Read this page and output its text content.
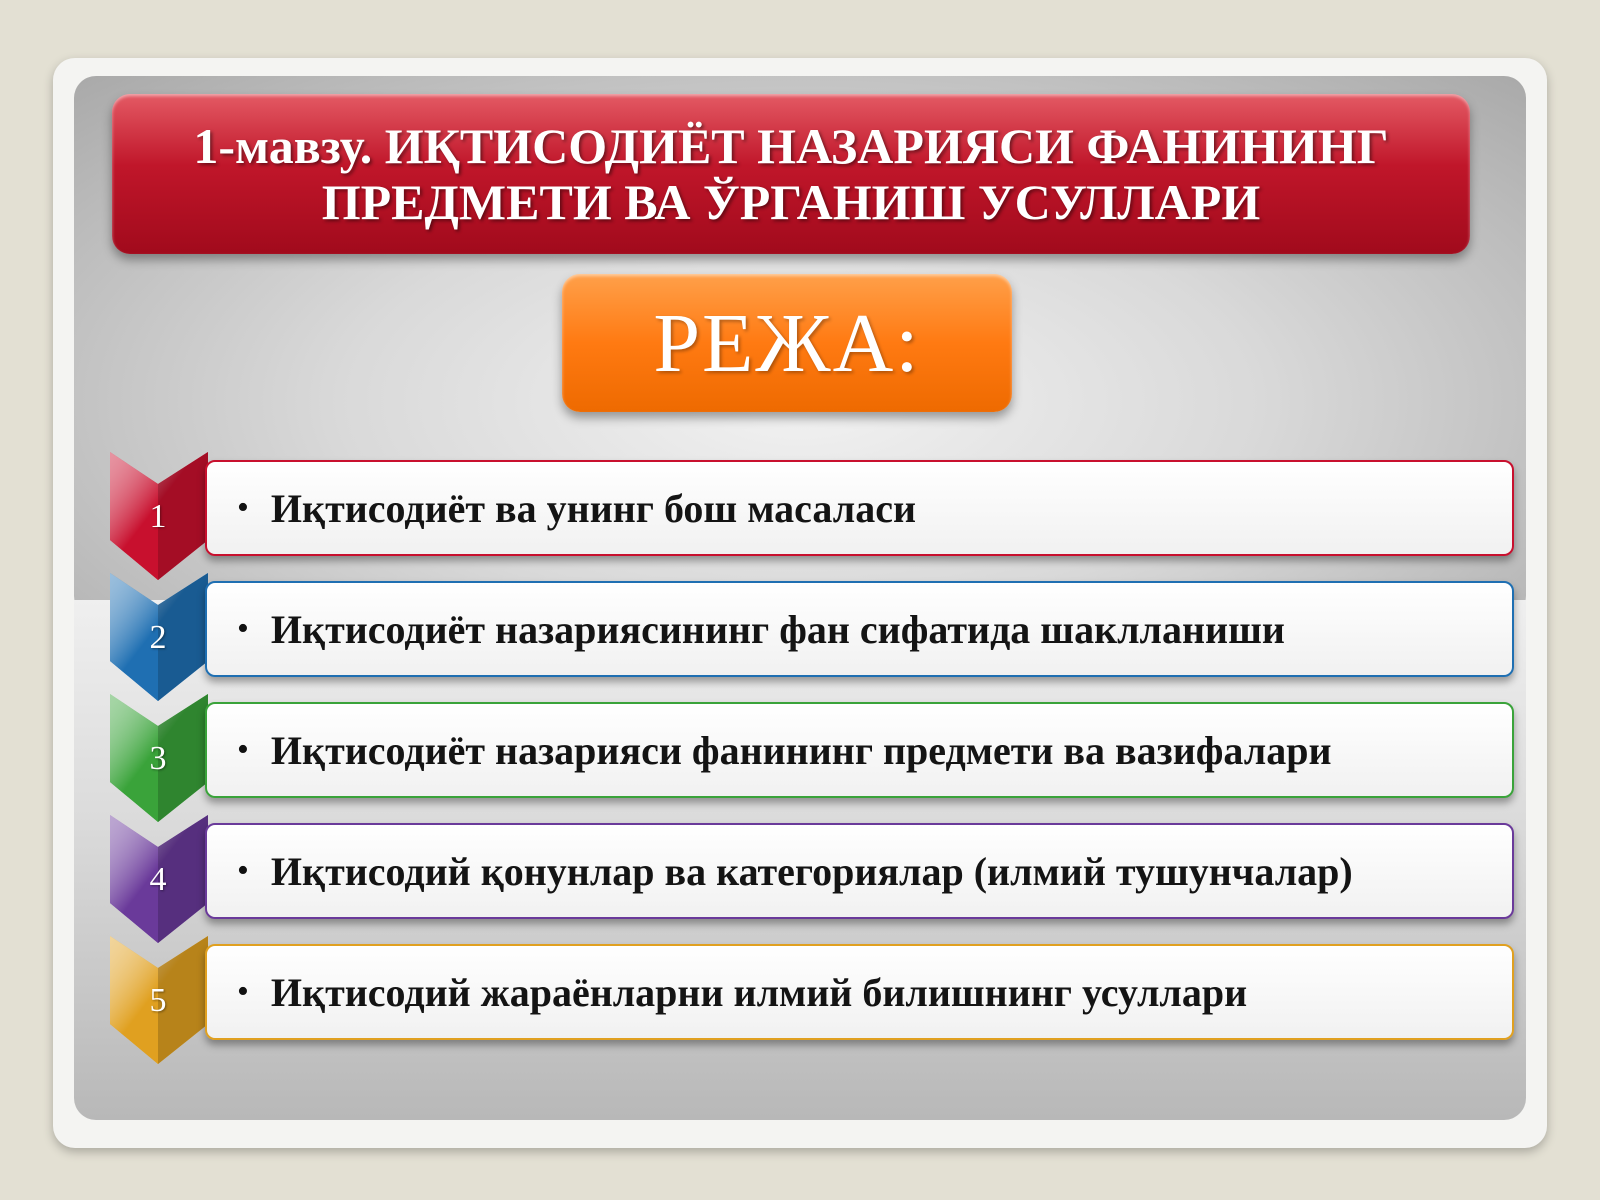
1-мавзу. ИҚТИСОДИЁТ НАЗАРИЯСИ ФАНИНИНГ ПРЕДМЕТИ ВА ЎРГАНИШ УСУЛЛАРИ
РЕЖА:
1	• Иқтисодиёт ва унинг бош масаласи
2	• Иқтисодиёт назариясининг фан сифатида шаклланиши
3	• Иқтисодиёт назарияси фанининг предмети ва вазифалари
4	• Иқтисодий қонунлар ва категориялар (илмий тушунчалар)
5	• Иқтисодий жараёнларни илмий билишнинг усуллари
